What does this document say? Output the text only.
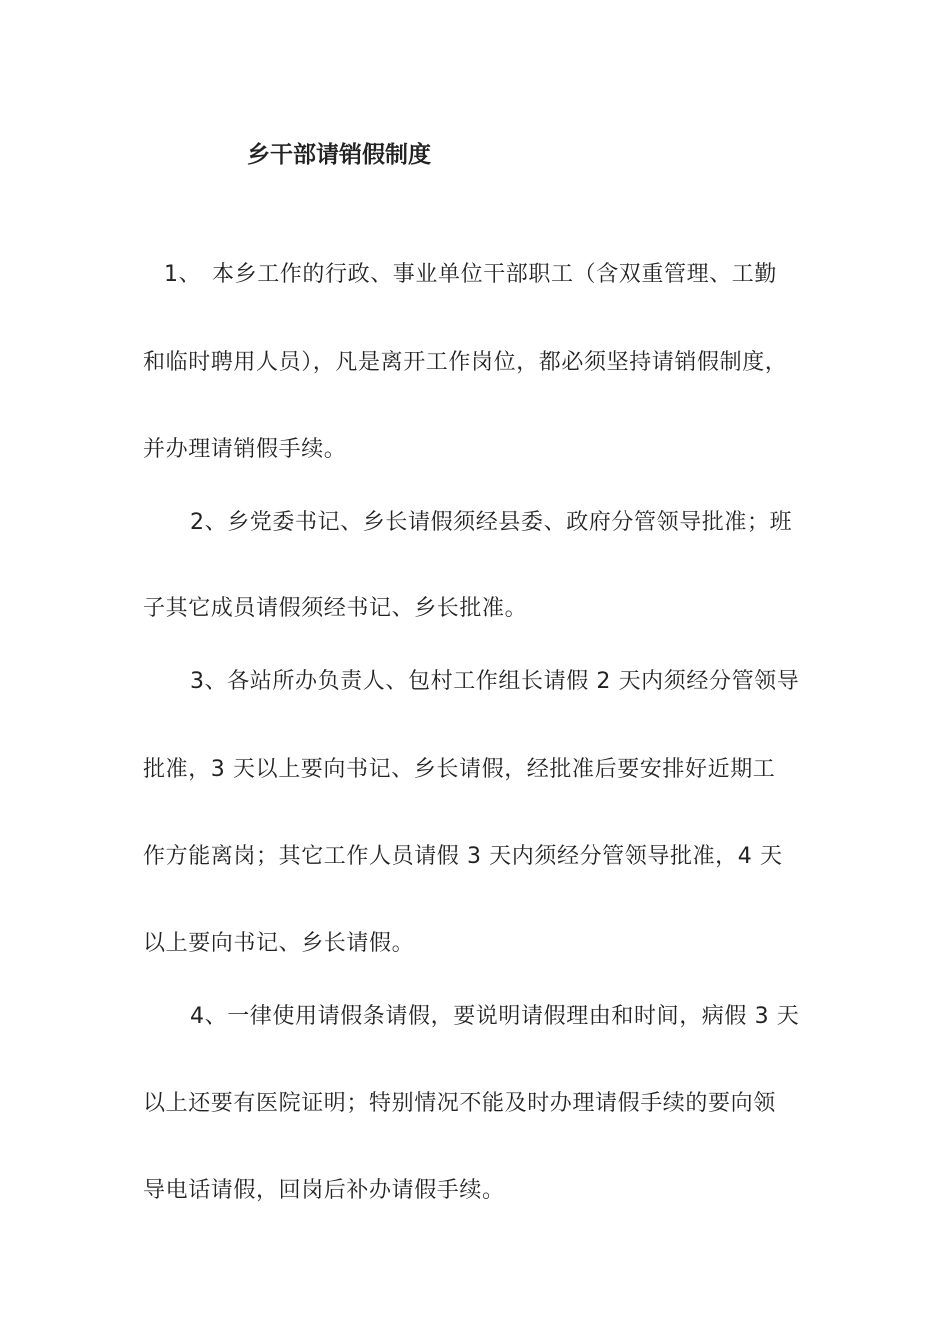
乡干部请销假制度
1、 本乡工作的行政、事业单位干部职工（含双重管理、工勤
和临时聘用人员），凡是离开工作岗位，都必须坚持请销假制度，
并办理请销假手续。
2、乡党委书记、乡长请假须经县委、政府分管领导批准；班
子其它成员请假须经书记、乡长批准。
3、各站所办负责人、包村工作组长请假 2 天内须经分管领导
批准，3 天以上要向书记、乡长请假，经批准后要安排好近期工
作方能离岗；其它工作人员请假 3 天内须经分管领导批准，4 天
以上要向书记、乡长请假。
4、一律使用请假条请假，要说明请假理由和时间，病假 3 天
以上还要有医院证明；特别情况不能及时办理请假手续的要向领
导电话请假，回岗后补办请假手续。
